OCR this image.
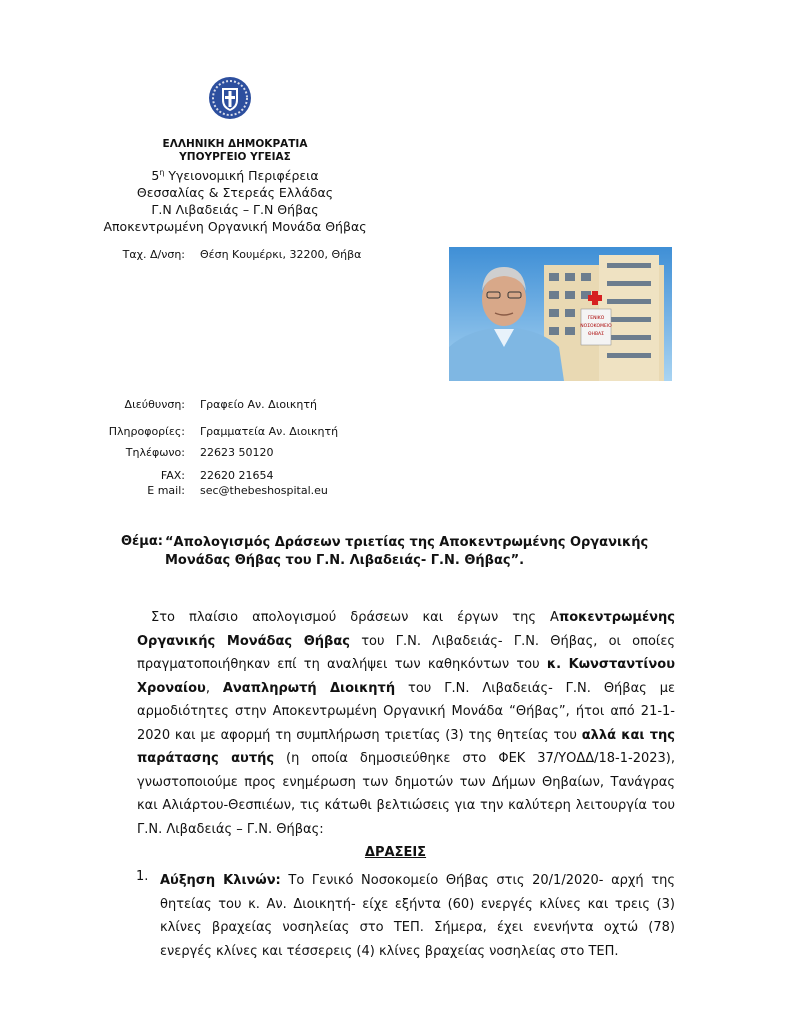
ΕΛΛΗΝΙΚΗ ΔΗΜΟΚΡΑΤΙΑ
ΥΠΟΥΡΓΕΙΟ ΥΓΕΙΑΣ
$5^\eta$ Υγειονομική Περιφέρεια
Θεσσαλίας & Στερεάς Ελλάδας
Γ.Ν Λιβαδειάς – Γ.Ν Θήβας
Αποκεντρωμένη Οργανική Μονάδα Θήβας
Ταχ. Δ/νση: Θέση Κουμέρκι, 32200, Θήβα
Διεύθυνση: Γραφείο Αν. Διοικητή
Πληροφορίες: Γραμματεία Αν. Διοικητή
Τηλέφωνο: 22623 50120
FAX: 22620 21654
E mail: sec@thebeshospital.eu
ΓΕΝΙΚΟ
ΝΟΣΟΚΟΜΕΙΟ
ΘΗΒΑΣ
Θέμα: “Απολογισμός Δράσεων τριετίας της Αποκεντρωμένης Οργανικής Μονάδας Θήβας του Γ.Ν. Λιβαδειάς- Γ.Ν. Θήβας”.
Στο πλαίσιο απολογισμού δράσεων και έργων της Αποκεντρωμένης Οργανικής Μονάδας Θήβας του Γ.Ν. Λιβαδειάς- Γ.Ν. Θήβας, οι οποίες πραγματοποιήθηκαν επί τη αναλήψει των καθηκόντων του κ. Κωνσταντίνου Χροναίου, Αναπληρωτή Διοικητή του Γ.Ν. Λιβαδειάς- Γ.Ν. Θήβας με αρμοδιότητες στην Αποκεντρωμένη Οργανική Μονάδα “Θήβας”, ήτοι από 21-1-2020 και με αφορμή τη συμπλήρωση τριετίας (3) της θητείας του αλλά και της παράτασης αυτής (η οποία δημοσιεύθηκε στο ΦΕΚ 37/ΥΟΔΔ/18-1-2023), γνωστοποιούμε προς ενημέρωση των δημοτών των Δήμων Θηβαίων, Τανάγρας και Αλιάρτου-Θεσπιέων, τις κάτωθι βελτιώσεις για την καλύτερη λειτουργία του Γ.Ν. Λιβαδειάς – Γ.Ν. Θήβας:
ΔΡΑΣΕΙΣ
1. Αύξηση Κλινών: Το Γενικό Νοσοκομείο Θήβας στις 20/1/2020- αρχή της θητείας του κ. Αν. Διοικητή- είχε εξήντα (60) ενεργές κλίνες και τρεις (3) κλίνες βραχείας νοσηλείας στο ΤΕΠ. Σήμερα, έχει ενενήντα οχτώ (78) ενεργές κλίνες και τέσσερεις (4) κλίνες βραχείας νοσηλείας στο ΤΕΠ.
